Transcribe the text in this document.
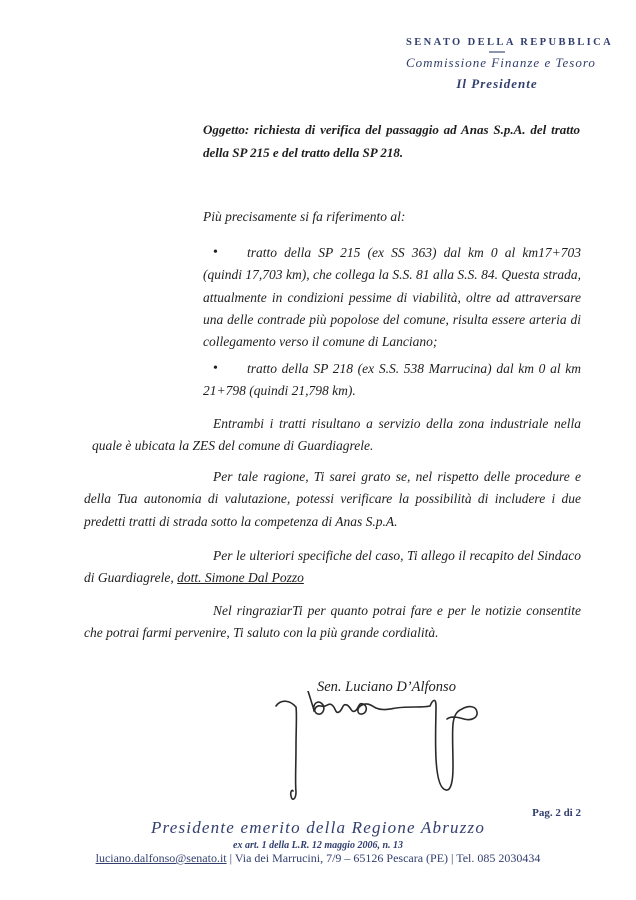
SENATO DELLA REPUBBLICA
Commissione Finanze e Tesoro
Il Presidente
Oggetto: richiesta di verifica del passaggio ad Anas S.p.A. del tratto della SP 215 e del tratto della SP 218.
Più precisamente si fa riferimento al:
• tratto della SP 215 (ex SS 363) dal km 0 al km17+703 (quindi 17,703 km), che collega la S.S. 81 alla S.S. 84. Questa strada, attualmente in condizioni pessime di viabilità, oltre ad attraversare una delle contrade più popolose del comune, risulta essere arteria di collegamento verso il comune di Lanciano;
• tratto della SP 218 (ex S.S. 538 Marrucina) dal km 0 al km 21+798 (quindi 21,798 km).
Entrambi i tratti risultano a servizio della zona industriale nella quale è ubicata la ZES del comune di Guardiagrele.
Per tale ragione, Ti sarei grato se, nel rispetto delle procedure e della Tua autonomia di valutazione, potessi verificare la possibilità di includere i due predetti tratti di strada sotto la competenza di Anas S.p.A.
Per le ulteriori specifiche del caso, Ti allego il recapito del Sindaco di Guardiagrele, dott. Simone Dal Pozzo
Nel ringraziarTi per quanto potrai fare e per le notizie consentite che potrai farmi pervenire, Ti saluto con la più grande cordialità.
Sen. Luciano D’Alfonso
Pag. 2 di 2
Presidente emerito della Regione Abruzzo
ex art. 1 della L.R. 12 maggio 2006, n. 13
luciano.dalfonso@senato.it | Via dei Marrucini, 7/9 – 65126 Pescara (PE) | Tel. 085 2030434
